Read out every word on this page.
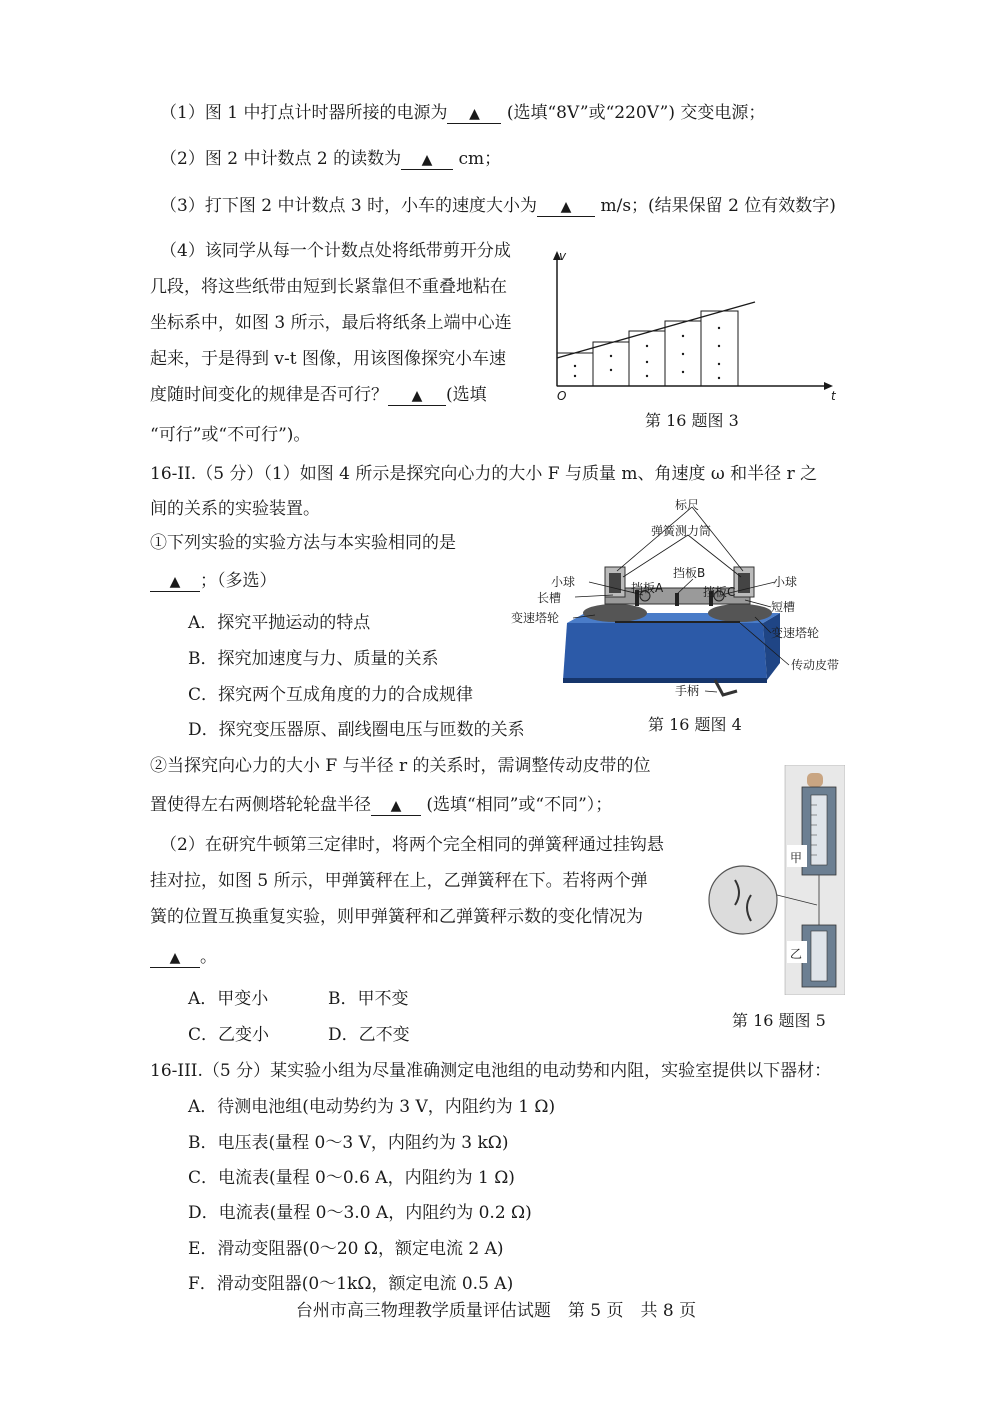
（1）图 1 中打点计时器所接的电源为 ▲ (选填“8V”或“220V”) 交变电源；
（2）图 2 中计数点 2 的读数为 ▲ cm；
（3）打下图 2 中计数点 3 时，小车的速度大小为 ▲ m/s；(结果保留 2 位有效数字)
（4）该同学从每一个计数点处将纸带剪开分成
几段，将这些纸带由短到长紧靠但不重叠地粘在
坐标系中，如图 3 所示，最后将纸条上端中心连
起来，于是得到 v-t 图像，用该图像探究小车速
度随时间变化的规律是否可行？ ▲ (选填
“可行”或“不可行”)。
O
v
t
第 16 题图 3
16-II.（5 分）（1）如图 4 所示是探究向心力的大小 F 与质量 m、角速度 ω 和半径 r 之
间的关系的实验装置。
①下列实验的实验方法与本实验相同的是
▲ ；（多选）
A．探究平抛运动的特点
B．探究加速度与力、质量的关系
C．探究两个互成角度的力的合成规律
D．探究变压器原、副线圈电压与匝数的关系
标尺
弹簧测力筒
小球	小球
长槽
挡板A
挡板B
挡板C
短槽
变速塔轮
变速塔轮
传动皮带
手柄
第 16 题图 4
②当探究向心力的大小 F 与半径 r 的关系时，需调整传动皮带的位
置使得左右两侧塔轮轮盘半径 ▲ (选填“相同”或“不同”）；
（2）在研究牛顿第三定律时，将两个完全相同的弹簧秤通过挂钩悬
挂对拉，如图 5 所示，甲弹簧秤在上，乙弹簧秤在下。若将两个弹
簧的位置互换重复实验，则甲弹簧秤和乙弹簧秤示数的变化情况为
▲ 。
A．甲变小	B．甲不变
C．乙变小	D．乙不变
甲
乙
第 16 题图 5
16-III.（5 分）某实验小组为尽量准确测定电池组的电动势和内阻，实验室提供以下器材：
A．待测电池组(电动势约为 3 V，内阻约为 1 Ω)
B．电压表(量程 0～3 V，内阻约为 3 kΩ)
C．电流表(量程 0～0.6 A，内阻约为 1 Ω)
D．电流表(量程 0～3.0 A，内阻约为 0.2 Ω)
E．滑动变阻器(0～20 Ω，额定电流 2 A)
F．滑动变阻器(0～1kΩ，额定电流 0.5 A)
台州市高三物理教学质量评估试题　第 5 页　共 8 页
